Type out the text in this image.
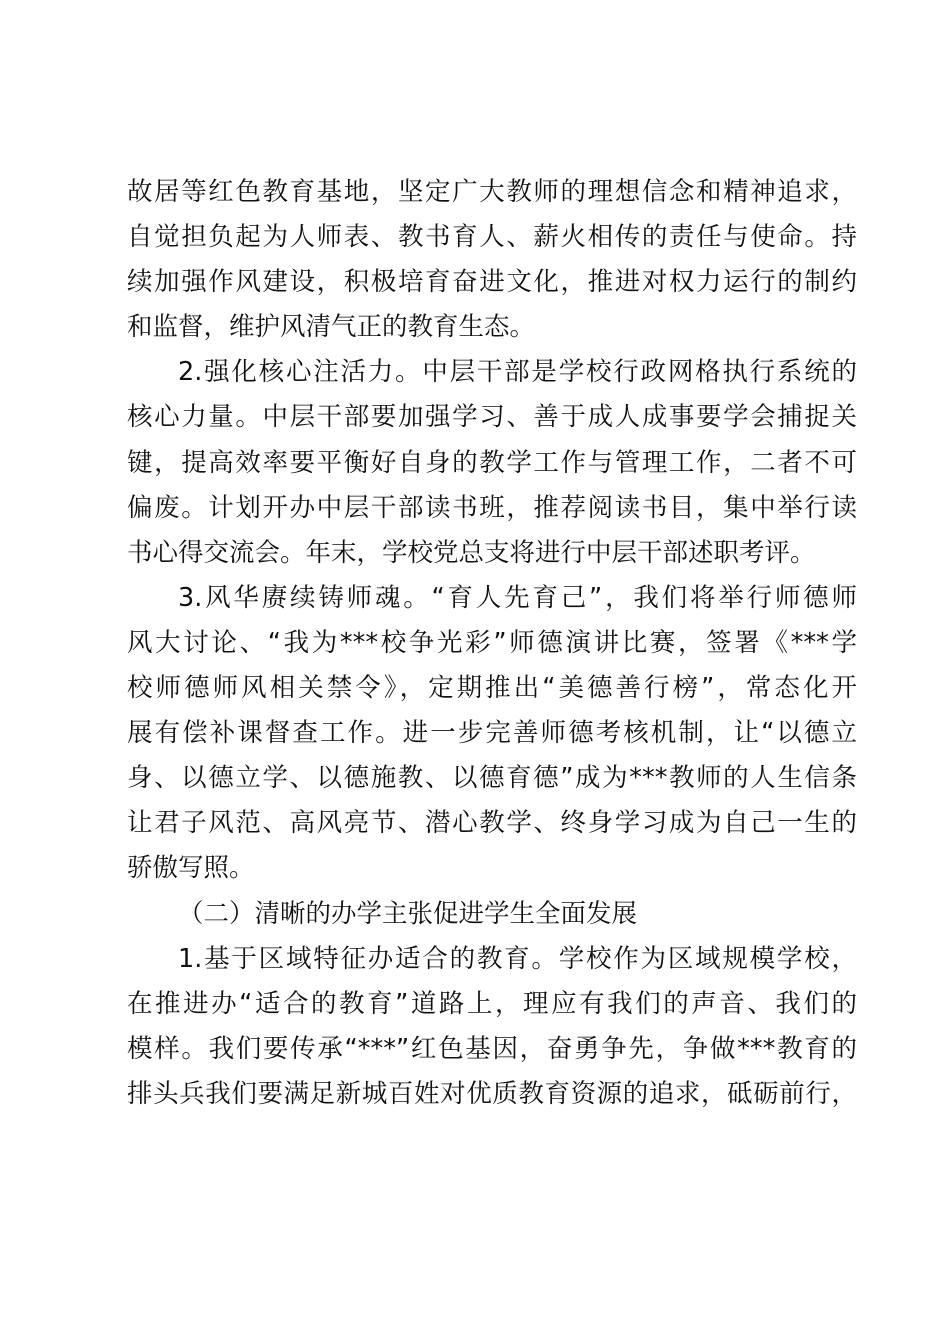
故居等红色教育基地，坚定广大教师的理想信念和精神追求，
自觉担负起为人师表、教书育人、薪火相传的责任与使命。持
续加强作风建设，积极培育奋进文化，推进对权力运行的制约
和监督，维护风清气正的教育生态。
2.强化核心注活力。中层干部是学校行政网格执行系统的
核心力量。中层干部要加强学习、善于成人成事要学会捕捉关
键，提高效率要平衡好自身的教学工作与管理工作，二者不可
偏废。计划开办中层干部读书班，推荐阅读书目，集中举行读
书心得交流会。年末，学校党总支将进行中层干部述职考评。
3.风华赓续铸师魂。“育人先育己”，我们将举行师德师
风大讨论、“我为***校争光彩”师德演讲比赛，签署《***学
校师德师风相关禁令》，定期推出“美德善行榜”，常态化开
展有偿补课督查工作。进一步完善师德考核机制，让“以德立
身、以德立学、以德施教、以德育德”成为***教师的人生信条
让君子风范、高风亮节、潜心教学、终身学习成为自己一生的
骄傲写照。
（二）清晰的办学主张促进学生全面发展
1.基于区域特征办适合的教育。学校作为区域规模学校，
在推进办“适合的教育”道路上，理应有我们的声音、我们的
模样。我们要传承“***”红色基因，奋勇争先，争做***教育的
排头兵我们要满足新城百姓对优质教育资源的追求，砥砺前行，
